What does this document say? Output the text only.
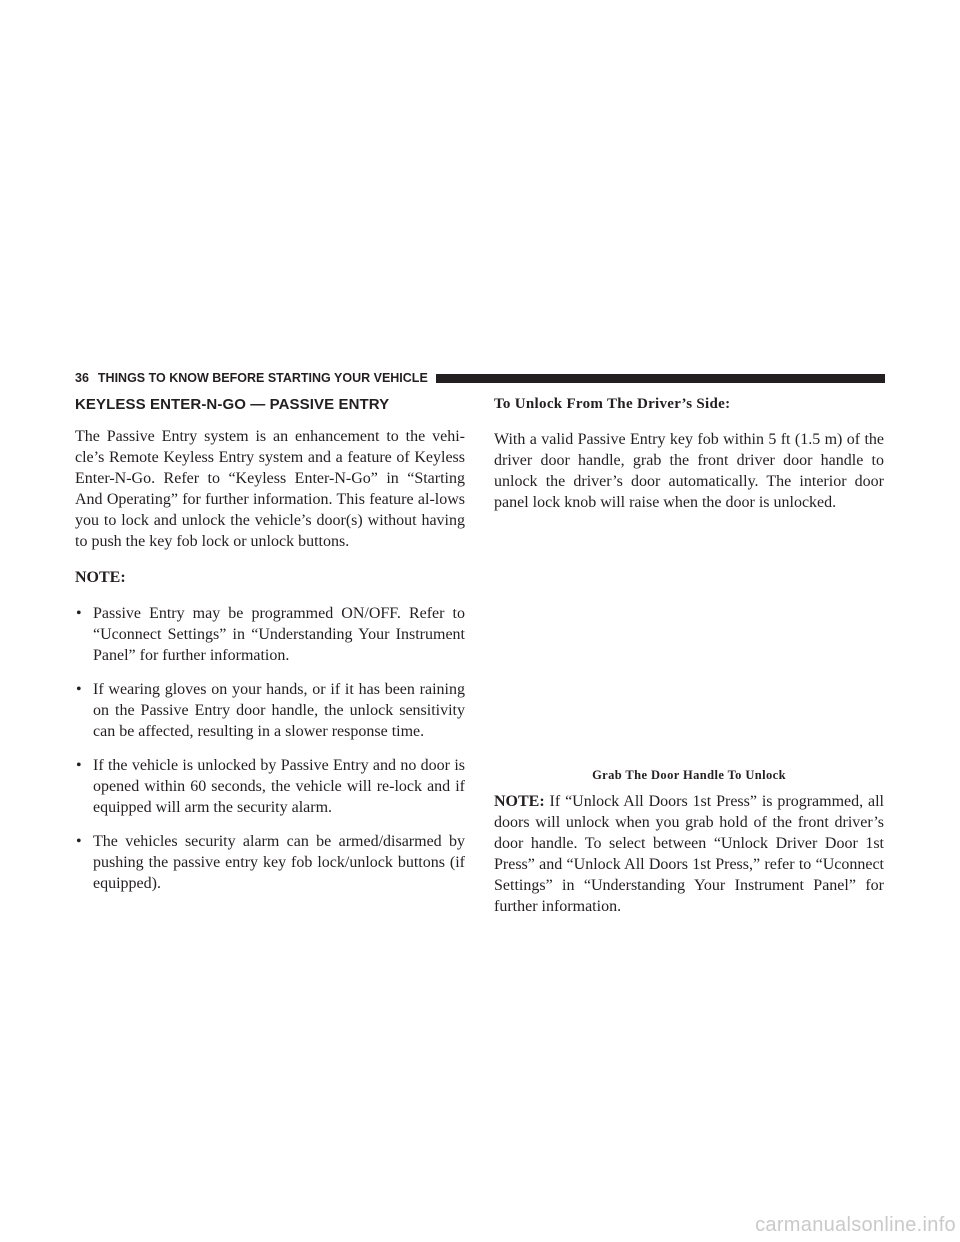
36 THINGS TO KNOW BEFORE STARTING YOUR VEHICLE
KEYLESS ENTER-N-GO — PASSIVE ENTRY

The Passive Entry system is an enhancement to the vehi-cle’s Remote Keyless Entry system and a feature of Keyless Enter-N-Go. Refer to “Keyless Enter-N-Go” in “Starting And Operating” for further information. This feature al-lows you to lock and unlock the vehicle’s door(s) without having to push the key fob lock or unlock buttons.

NOTE:
• Passive Entry may be programmed ON/OFF. Refer to “Uconnect Settings” in “Understanding Your Instrument Panel” for further information.

• If wearing gloves on your hands, or if it has been raining on the Passive Entry door handle, the unlock sensitivity can be affected, resulting in a slower response time.

• If the vehicle is unlocked by Passive Entry and no door is opened within 60 seconds, the vehicle will re-lock and if equipped will arm the security alarm.

• The vehicles security alarm can be armed/disarmed by pushing the passive entry key fob lock/unlock buttons (if equipped).

To Unlock From The Driver’s Side:

With a valid Passive Entry key fob within 5 ft (1.5 m) of the driver door handle, grab the front driver door handle to unlock the driver’s door automatically. The interior door panel lock knob will raise when the door is unlocked.

Grab The Door Handle To Unlock

NOTE: If “Unlock All Doors 1st Press” is programmed, all doors will unlock when you grab hold of the front driver’s door handle. To select between “Unlock Driver Door 1st Press” and “Unlock All Doors 1st Press,” refer to “Uconnect Settings” in “Understanding Your Instrument Panel” for further information.

carmanualsonline.info
